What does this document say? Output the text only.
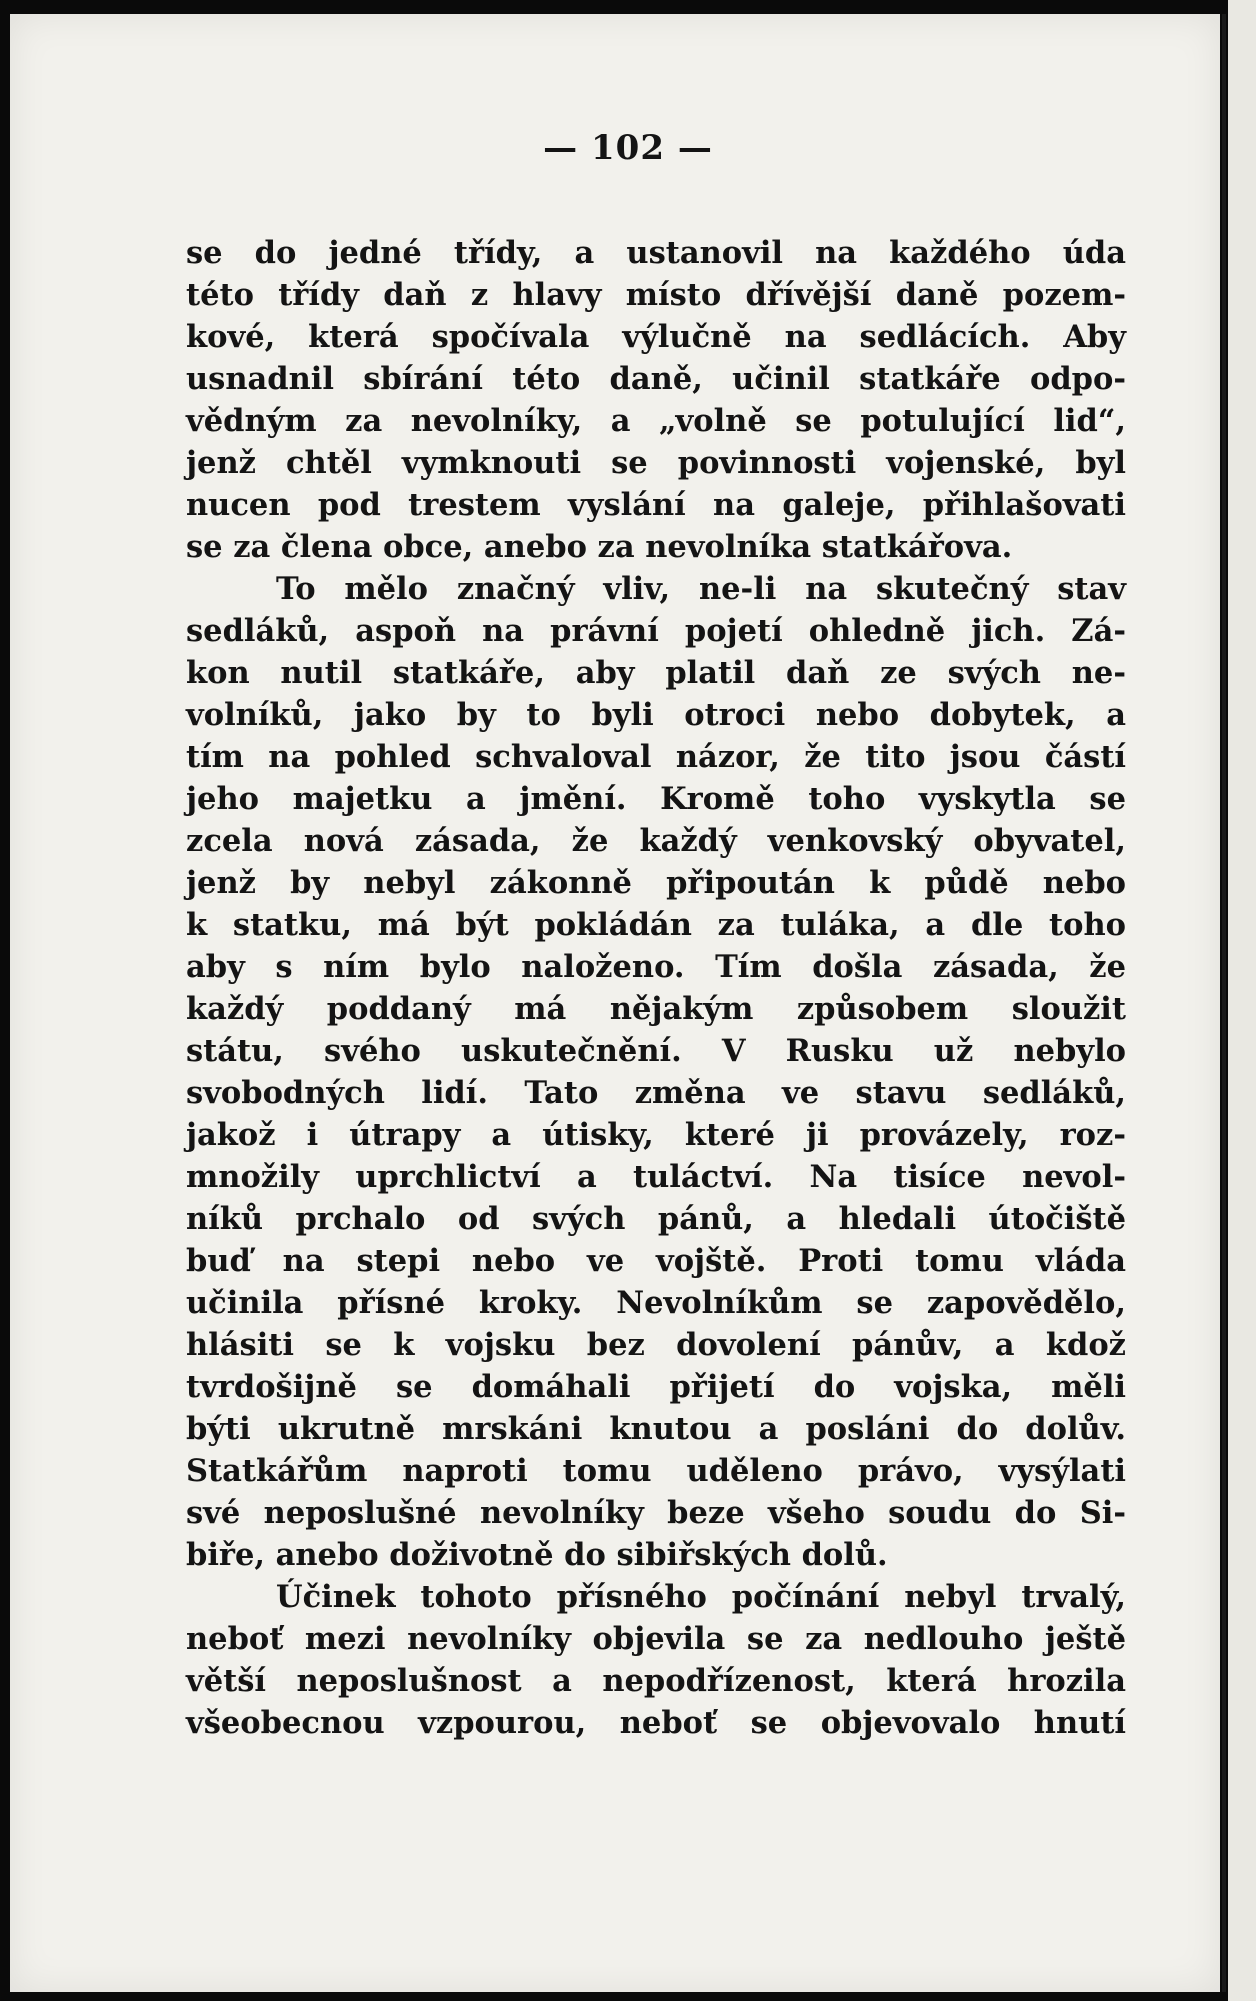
— 102 —
se do jedné třídy, a ustanovil na každého úda
této třídy daň z hlavy místo dřívější daně pozem-
kové, která spočívala výlučně na sedlácích. Aby
usnadnil sbírání této daně, učinil statkáře odpo-
vědným za nevolníky, a „volně se potulující lid“,
jenž chtěl vymknouti se povinnosti vojenské, byl
nucen pod trestem vyslání na galeje, přihlašovati
se za člena obce, anebo za nevolníka statkářova.
To mělo značný vliv, ne-li na skutečný stav
sedláků, aspoň na právní pojetí ohledně jich. Zá-
kon nutil statkáře, aby platil daň ze svých ne-
volníků, jako by to byli otroci nebo dobytek, a
tím na pohled schvaloval názor, že tito jsou částí
jeho majetku a jmění. Kromě toho vyskytla se
zcela nová zásada, že každý venkovský obyvatel,
jenž by nebyl zákonně připoután k půdě nebo
k statku, má být pokládán za tuláka, a dle toho
aby s ním bylo naloženo. Tím došla zásada, že
každý poddaný má nějakým způsobem sloužit
státu, svého uskutečnění. V Rusku už nebylo
svobodných lidí. Tato změna ve stavu sedláků,
jakož i útrapy a útisky, které ji provázely, roz-
množily uprchlictví a tuláctví. Na tisíce nevol-
níků prchalo od svých pánů, a hledali útočiště
buď na stepi nebo ve vojště. Proti tomu vláda
učinila přísné kroky. Nevolníkům se zapovědělo,
hlásiti se k vojsku bez dovolení pánův, a kdož
tvrdošijně se domáhali přijetí do vojska, měli
býti ukrutně mrskáni knutou a posláni do dolův.
Statkářům naproti tomu uděleno právo, vysýlati
své neposlušné nevolníky beze všeho soudu do Si-
biře, anebo doživotně do sibiřských dolů.
Účinek tohoto přísného počínání nebyl trvalý,
neboť mezi nevolníky objevila se za nedlouho ještě
větší neposlušnost a nepodřízenost, která hrozila
všeobecnou vzpourou, neboť se objevovalo hnutí
